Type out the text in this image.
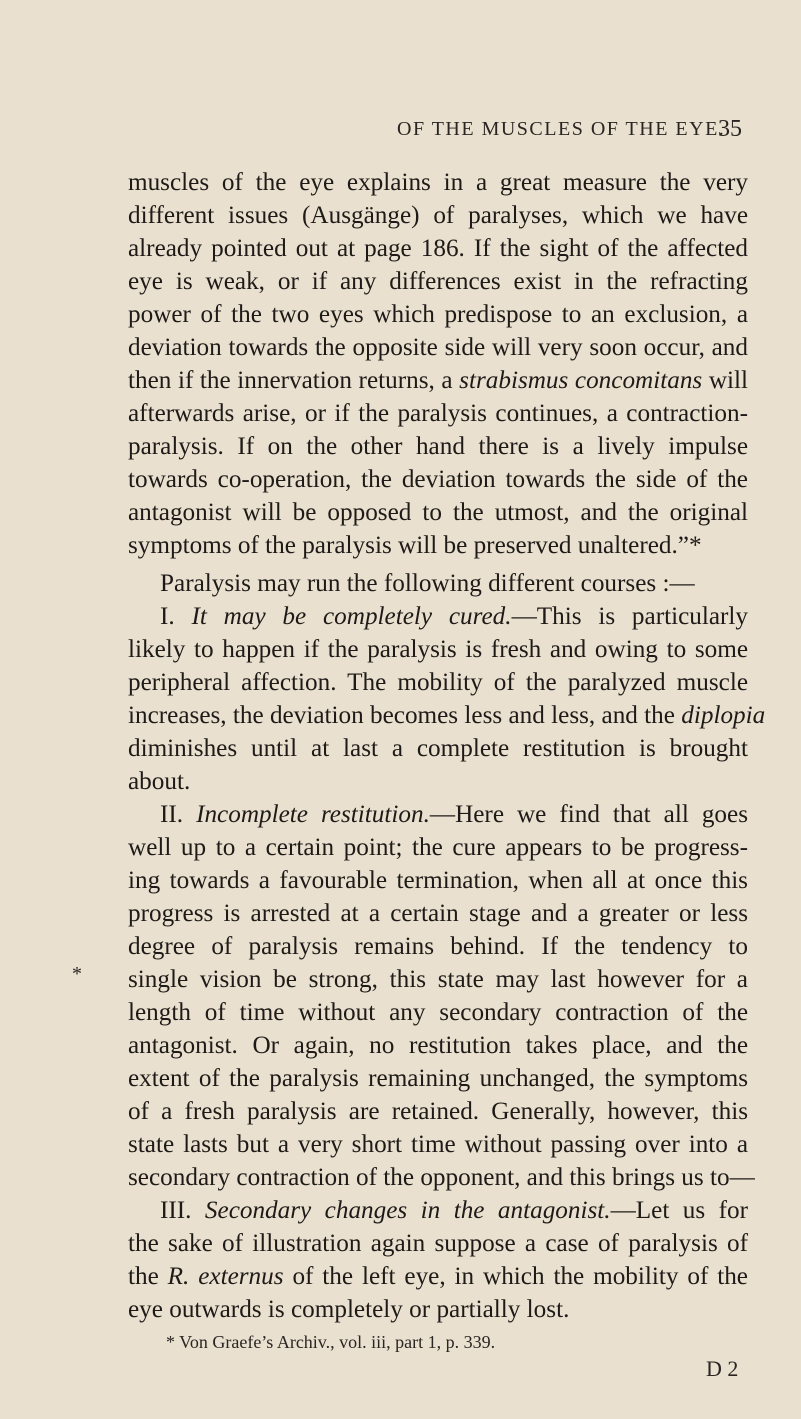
OF THE MUSCLES OF THE EYE.
35
muscles of the eye explains in a great measure the very
different issues (Ausgänge) of paralyses, which we have
already pointed out at page 186. If the sight of the affected
eye is weak, or if any differences exist in the refracting
power of the two eyes which predispose to an exclusion, a
deviation towards the opposite side will very soon occur, and
then if the innervation returns, a strabismus concomitans will
afterwards arise, or if the paralysis continues, a contraction-
paralysis. If on the other hand there is a lively impulse
towards co-operation, the deviation towards the side of the
antagonist will be opposed to the utmost, and the original
symptoms of the paralysis will be preserved unaltered.”*
Paralysis may run the following different courses :—
I. It may be completely cured.—This is particularly
likely to happen if the paralysis is fresh and owing to some
peripheral affection. The mobility of the paralyzed muscle
increases, the deviation becomes less and less, and the diplopia
diminishes until at last a complete restitution is brought
about.
II. Incomplete restitution.—Here we find that all goes
well up to a certain point; the cure appears to be progress-
ing towards a favourable termination, when all at once this
progress is arrested at a certain stage and a greater or less
degree of paralysis remains behind. If the tendency to
single vision be strong, this state may last however for a
length of time without any secondary contraction of the
antagonist. Or again, no restitution takes place, and the
extent of the paralysis remaining unchanged, the symptoms
of a fresh paralysis are retained. Generally, however, this
state lasts but a very short time without passing over into a
secondary contraction of the opponent, and this brings us to—
III. Secondary changes in the antagonist.—Let us for
the sake of illustration again suppose a case of paralysis of
the R. externus of the left eye, in which the mobility of the
eye outwards is completely or partially lost.
*
* Von Graefe’s Archiv., vol. iii, part 1, p. 339.
D 2
